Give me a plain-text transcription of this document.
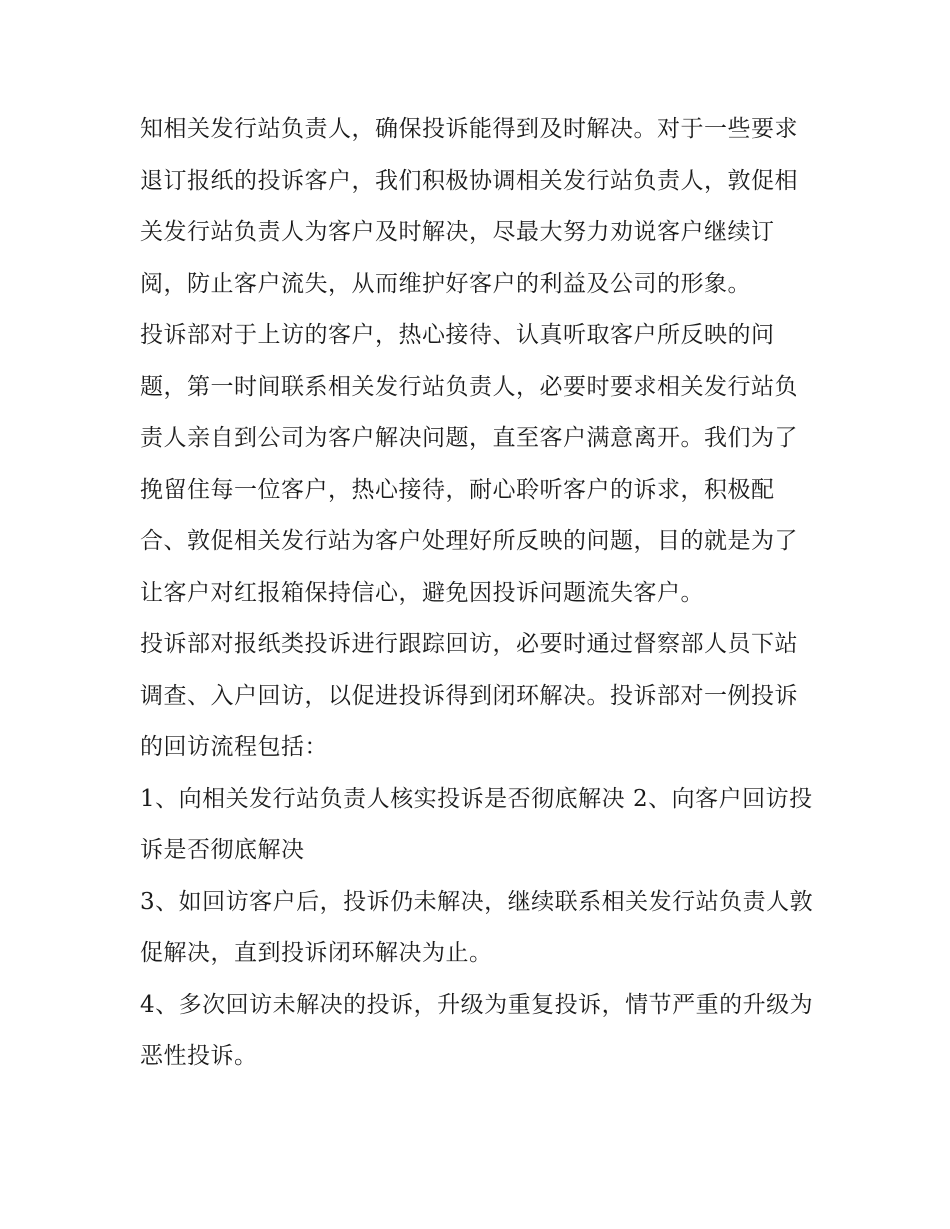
知相关发行站负责人，确保投诉能得到及时解决。对于一些要求退订报纸的投诉客户，我们积极协调相关发行站负责人，敦促相关发行站负责人为客户及时解决，尽最大努力劝说客户继续订阅，防止客户流失，从而维护好客户的利益及公司的形象。

投诉部对于上访的客户，热心接待、认真听取客户所反映的问题，第一时间联系相关发行站负责人，必要时要求相关发行站负责人亲自到公司为客户解决问题，直至客户满意离开。我们为了挽留住每一位客户，热心接待，耐心聆听客户的诉求，积极配合、敦促相关发行站为客户处理好所反映的问题，目的就是为了让客户对红报箱保持信心，避免因投诉问题流失客户。

投诉部对报纸类投诉进行跟踪回访，必要时通过督察部人员下站调查、入户回访，以促进投诉得到闭环解决。投诉部对一例投诉的回访流程包括：

1、向相关发行站负责人核实投诉是否彻底解决 2、向客户回访投诉是否彻底解决

3、如回访客户后，投诉仍未解决，继续联系相关发行站负责人敦促解决，直到投诉闭环解决为止。

4、多次回访未解决的投诉，升级为重复投诉，情节严重的升级为恶性投诉。
